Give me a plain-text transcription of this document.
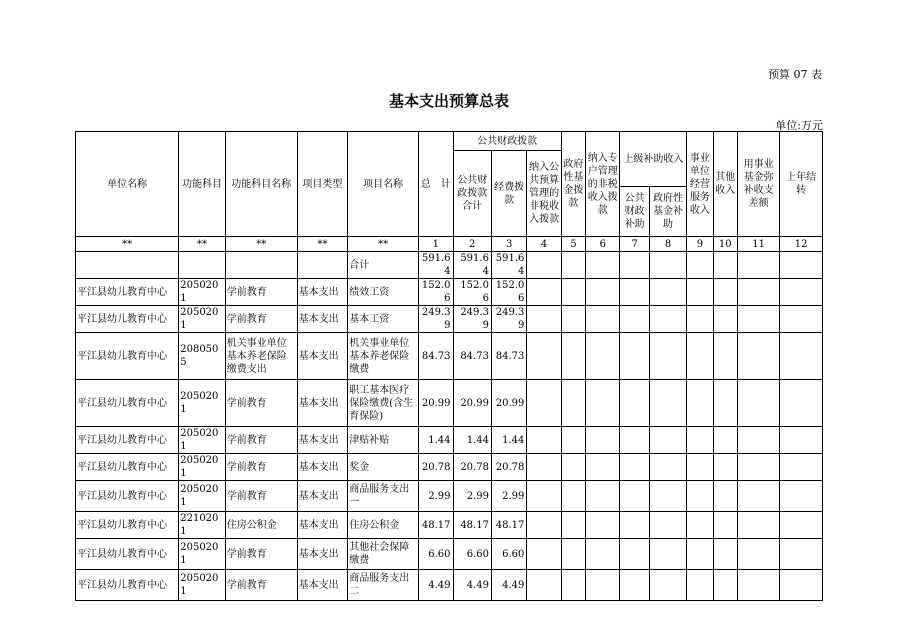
预算 07 表
基本支出预算总表
单位:万元
单位名称	功能科目	功能科目名称	项目类型	项目名称	总　计	公共财政拨款			政府性基金拨款	纳入专户管理的非税收入拨款	上级补助收入		事业单位经营服务收入	其他收入	用事业基金弥补收支差额	上年结转
						公共财政拨款合计	经费拨款	纳入公共预算管理的非税收入拨款								
											公共财政补助	政府性基金补助				
**	**	**	**	**	1	2	3	4	5	6	7	8	9	10	11	12
				合计	591.64	591.64	591.64									
平江县幼儿教育中心	2050201	学前教育	基本支出	绩效工资	152.06	152.06	152.06									
平江县幼儿教育中心	2050201	学前教育	基本支出	基本工资	249.39	249.39	249.39									
平江县幼儿教育中心	2080505	机关事业单位基本养老保险缴费支出	基本支出	机关事业单位基本养老保险缴费	84.73	84.73	84.73									
平江县幼儿教育中心	2050201	学前教育	基本支出	职工基本医疗保险缴费(含生育保险)	20.99	20.99	20.99									
平江县幼儿教育中心	2050201	学前教育	基本支出	津贴补贴	1.44	1.44	1.44									
平江县幼儿教育中心	2050201	学前教育	基本支出	奖金	20.78	20.78	20.78									
平江县幼儿教育中心	2050201	学前教育	基本支出	商品服务支出一	2.99	2.99	2.99									
平江县幼儿教育中心	2210201	住房公积金	基本支出	住房公积金	48.17	48.17	48.17									
平江县幼儿教育中心	2050201	学前教育	基本支出	其他社会保障缴费	6.60	6.60	6.60									
平江县幼儿教育中心	2050201	学前教育	基本支出	商品服务支出二	4.49	4.49	4.49									
